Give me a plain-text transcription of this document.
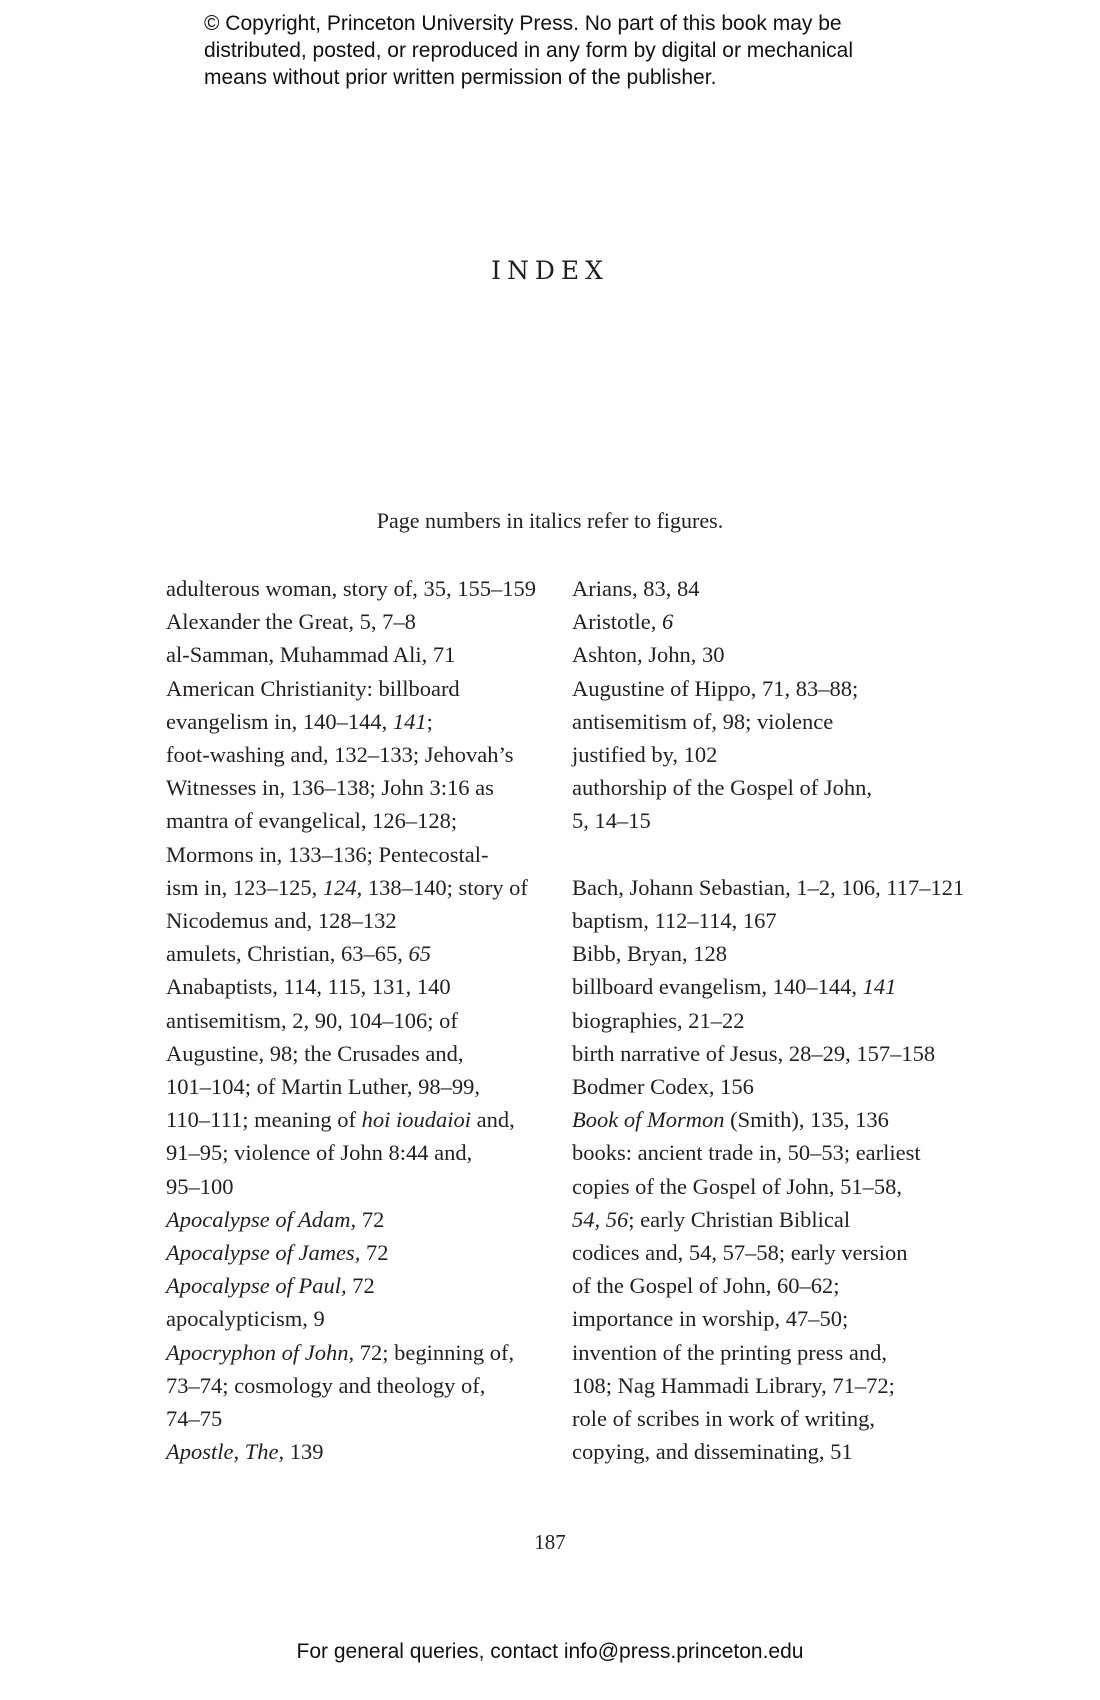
© Copyright, Princeton University Press. No part of this book may be
distributed, posted, or reproduced in any form by digital or mechanical
means without prior written permission of the publisher.
INDEX
Page numbers in italics refer to figures.
adulterous woman, story of, 35, 155–159
Alexander the Great, 5, 7–8
al-Samman, Muhammad Ali, 71
American Christianity: billboard
evangelism in, 140–144, 141;
foot-washing and, 132–133; Jehovah’s
Witnesses in, 136–138; John 3:16 as
mantra of evangelical, 126–128;
Mormons in, 133–136; Pentecostal-
ism in, 123–125, 124, 138–140; story of
Nicodemus and, 128–132
amulets, Christian, 63–65, 65
Anabaptists, 114, 115, 131, 140
antisemitism, 2, 90, 104–106; of
Augustine, 98; the Crusades and,
101–104; of Martin Luther, 98–99,
110–111; meaning of hoi ioudaioi and,
91–95; violence of John 8:44 and,
95–100
Apocalypse of Adam, 72
Apocalypse of James, 72
Apocalypse of Paul, 72
apocalypticism, 9
Apocryphon of John, 72; beginning of,
73–74; cosmology and theology of,
74–75
Apostle, The, 139
Arians, 83, 84
Aristotle, 6
Ashton, John, 30
Augustine of Hippo, 71, 83–88;
antisemitism of, 98; violence
justified by, 102
authorship of the Gospel of John,
5, 14–15
Bach, Johann Sebastian, 1–2, 106, 117–121
baptism, 112–114, 167
Bibb, Bryan, 128
billboard evangelism, 140–144, 141
biographies, 21–22
birth narrative of Jesus, 28–29, 157–158
Bodmer Codex, 156
Book of Mormon (Smith), 135, 136
books: ancient trade in, 50–53; earliest
copies of the Gospel of John, 51–58,
54, 56; early Christian Biblical
codices and, 54, 57–58; early version
of the Gospel of John, 60–62;
importance in worship, 47–50;
invention of the printing press and,
108; Nag Hammadi Library, 71–72;
role of scribes in work of writing,
copying, and disseminating, 51
187
For general queries, contact info@press.princeton.edu
